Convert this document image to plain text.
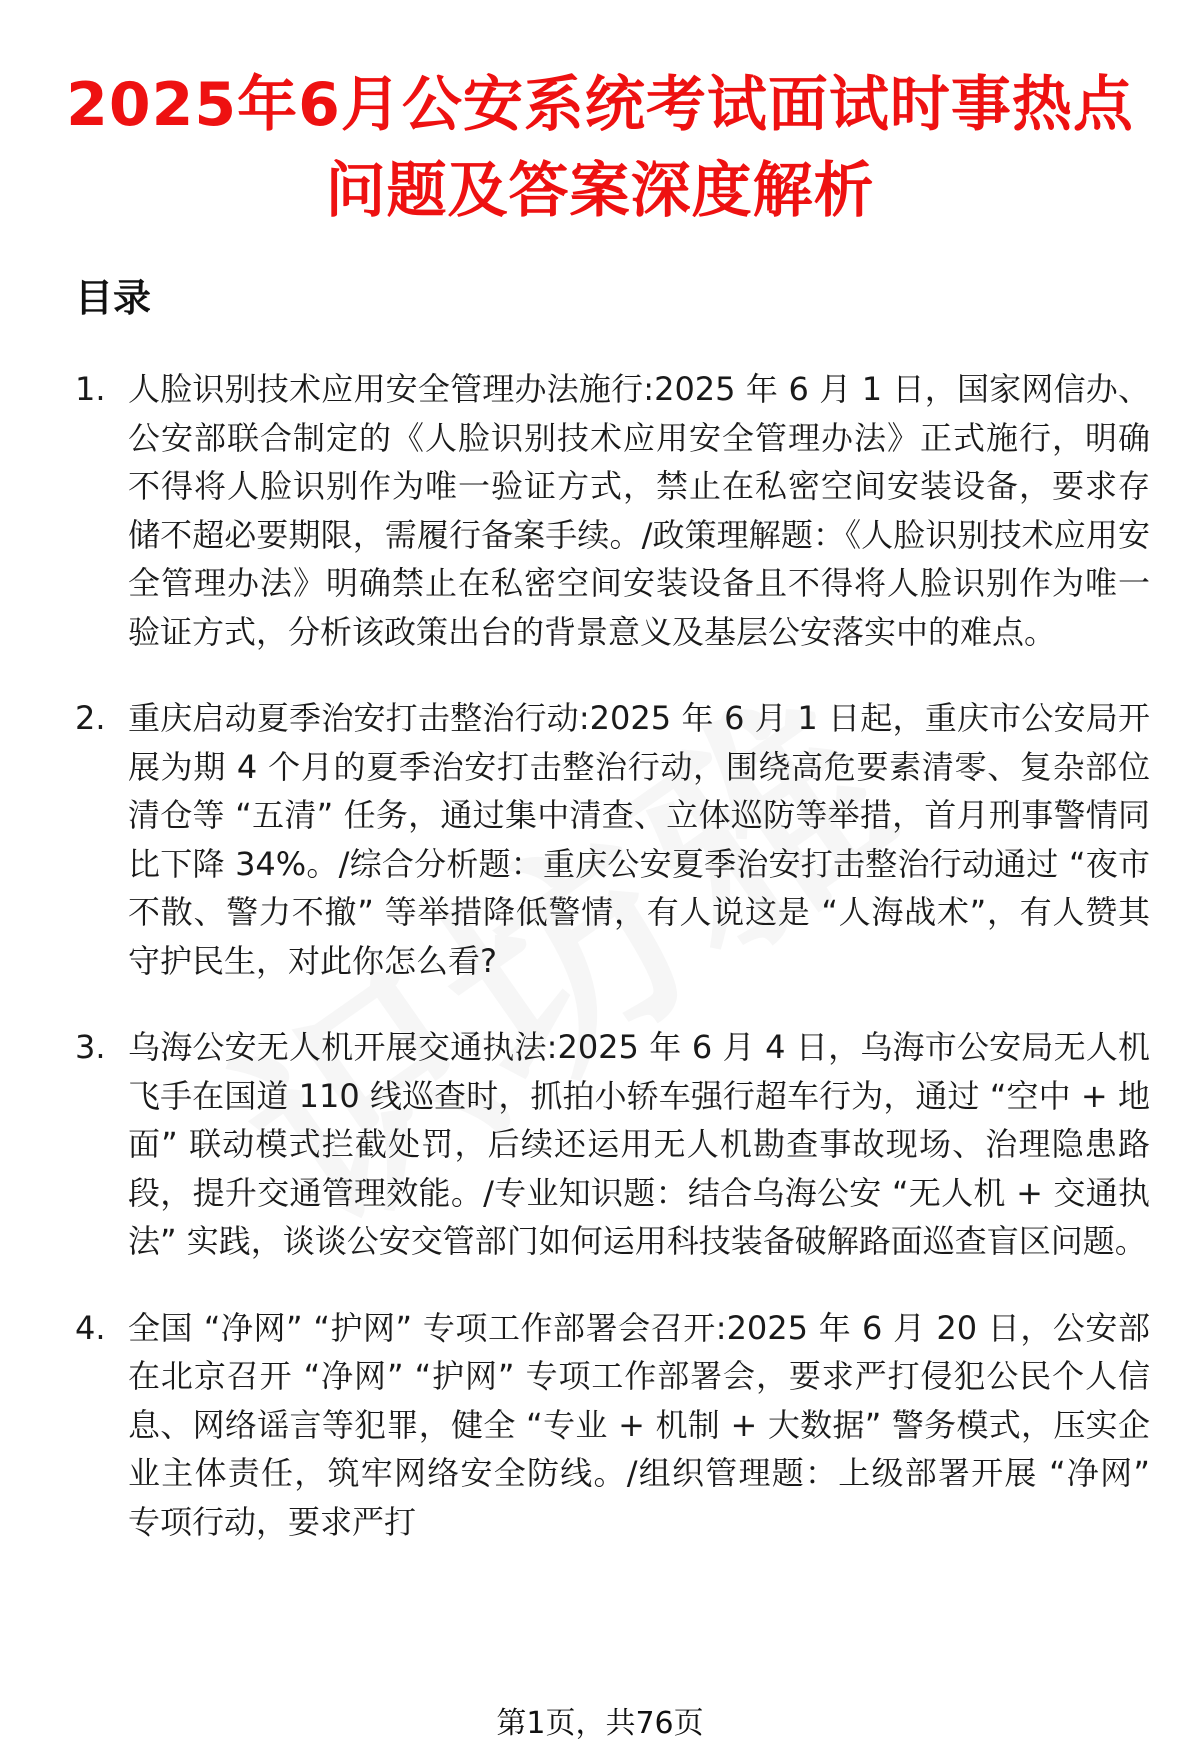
2025年6月公安系统考试面试时事热点问题及答案深度解析
目录
1. 人脸识别技术应用安全管理办法施行:2025 年 6 月 1 日，国家网信办、公安部联合制定的《人脸识别技术应用安全管理办法》正式施行，明确不得将人脸识别作为唯一验证方式，禁止在私密空间安装设备，要求存储不超必要期限，需履行备案手续。/政策理解题：《人脸识别技术应用安全管理办法》明确禁止在私密空间安装设备且不得将人脸识别作为唯一验证方式，分析该政策出台的背景意义及基层公安落实中的难点。
2. 重庆启动夏季治安打击整治行动:2025 年 6 月 1 日起，重庆市公安局开展为期 4 个月的夏季治安打击整治行动，围绕高危要素清零、复杂部位清仓等 “五清” 任务，通过集中清查、立体巡防等举措，首月刑事警情同比下降 34%。/综合分析题：重庆公安夏季治安打击整治行动通过 “夜市不散、警力不撤” 等举措降低警情，有人说这是 “人海战术”，有人赞其守护民生，对此你怎么看?
3. 乌海公安无人机开展交通执法:2025 年 6 月 4 日，乌海市公安局无人机飞手在国道 110 线巡查时，抓拍小轿车强行超车行为，通过 “空中 + 地面” 联动模式拦截处罚，后续还运用无人机勘查事故现场、治理隐患路段，提升交通管理效能。/专业知识题：结合乌海公安 “无人机 + 交通执法” 实践，谈谈公安交管部门如何运用科技装备破解路面巡查盲区问题。
4. 全国 “净网” “护网” 专项工作部署会召开:2025 年 6 月 20 日，公安部在北京召开 “净网” “护网” 专项工作部署会，要求严打侵犯公民个人信息、网络谣言等犯罪，健全 “专业 + 机制 + 大数据” 警务模式，压实企业主体责任，筑牢网络安全防线。/组织管理题：上级部署开展 “净网” 专项行动，要求严打
第1页，共76页
